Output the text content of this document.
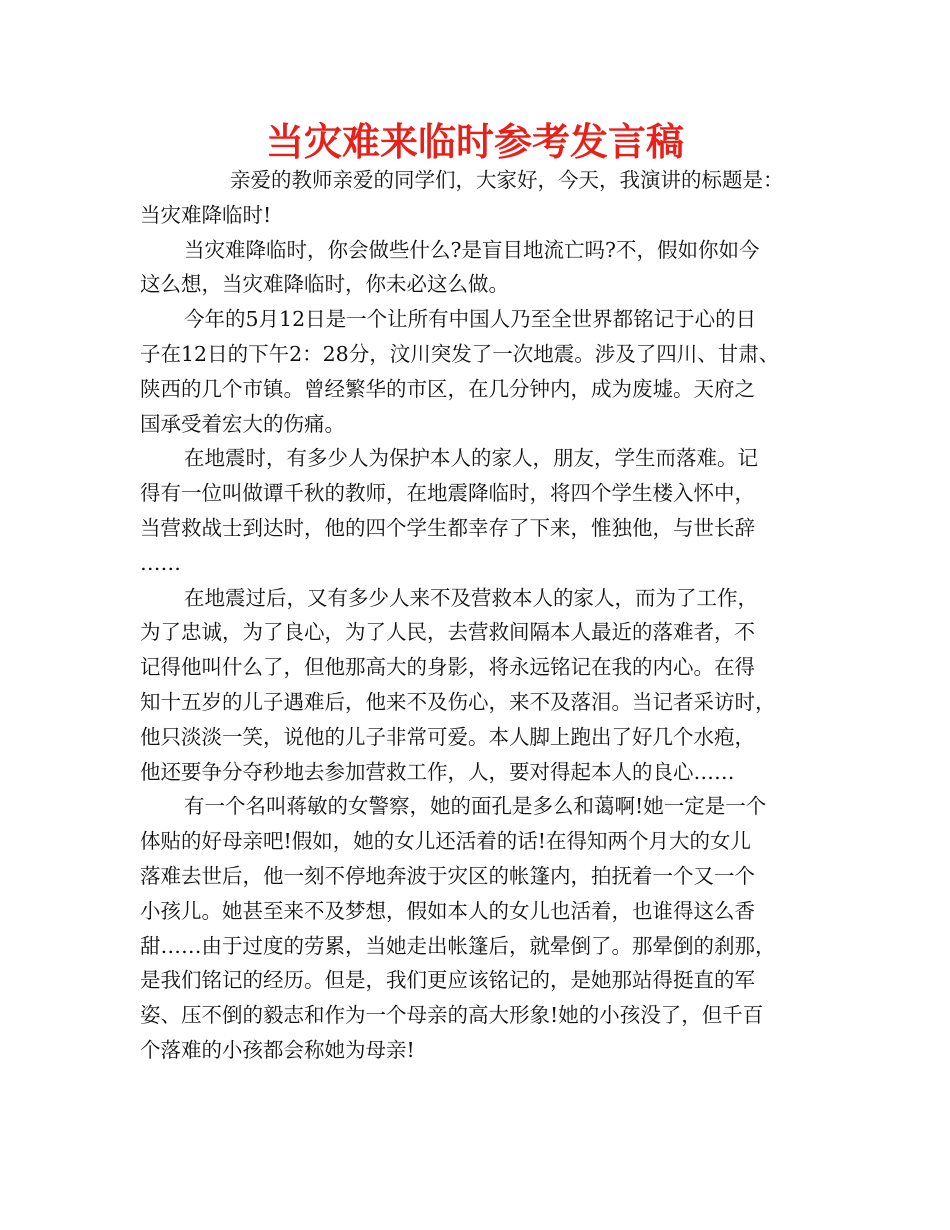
当灾难来临时参考发言稿
亲爱的教师亲爱的同学们，大家好，今天，我演讲的标题是：
当灾难降临时!
当灾难降临时，你会做些什么?是盲目地流亡吗?不，假如你如今
这么想，当灾难降临时，你未必这么做。
今年的5月12日是一个让所有中国人乃至全世界都铭记于心的日
子在12日的下午2：28分，汶川突发了一次地震。涉及了四川、甘肃、
陕西的几个市镇。曾经繁华的市区，在几分钟内，成为废墟。天府之
国承受着宏大的伤痛。
在地震时，有多少人为保护本人的家人，朋友，学生而落难。记
得有一位叫做谭千秋的教师，在地震降临时，将四个学生楼入怀中，
当营救战士到达时，他的四个学生都幸存了下来，惟独他，与世长辞
……
在地震过后，又有多少人来不及营救本人的家人，而为了工作，
为了忠诚，为了良心，为了人民，去营救间隔本人最近的落难者，不
记得他叫什么了，但他那高大的身影，将永远铭记在我的内心。在得
知十五岁的儿子遇难后，他来不及伤心，来不及落泪。当记者采访时，
他只淡淡一笑，说他的儿子非常可爱。本人脚上跑出了好几个水疱，
他还要争分夺秒地去参加营救工作，人，要对得起本人的良心……
有一个名叫蒋敏的女警察，她的面孔是多么和蔼啊!她一定是一个
体贴的好母亲吧!假如，她的女儿还活着的话!在得知两个月大的女儿
落难去世后，他一刻不停地奔波于灾区的帐篷内，拍抚着一个又一个
小孩儿。她甚至来不及梦想，假如本人的女儿也活着，也谁得这么香
甜……由于过度的劳累，当她走出帐篷后，就晕倒了。那晕倒的刹那，
是我们铭记的经历。但是，我们更应该铭记的，是她那站得挺直的军
姿、压不倒的毅志和作为一个母亲的高大形象!她的小孩没了，但千百
个落难的小孩都会称她为母亲!
